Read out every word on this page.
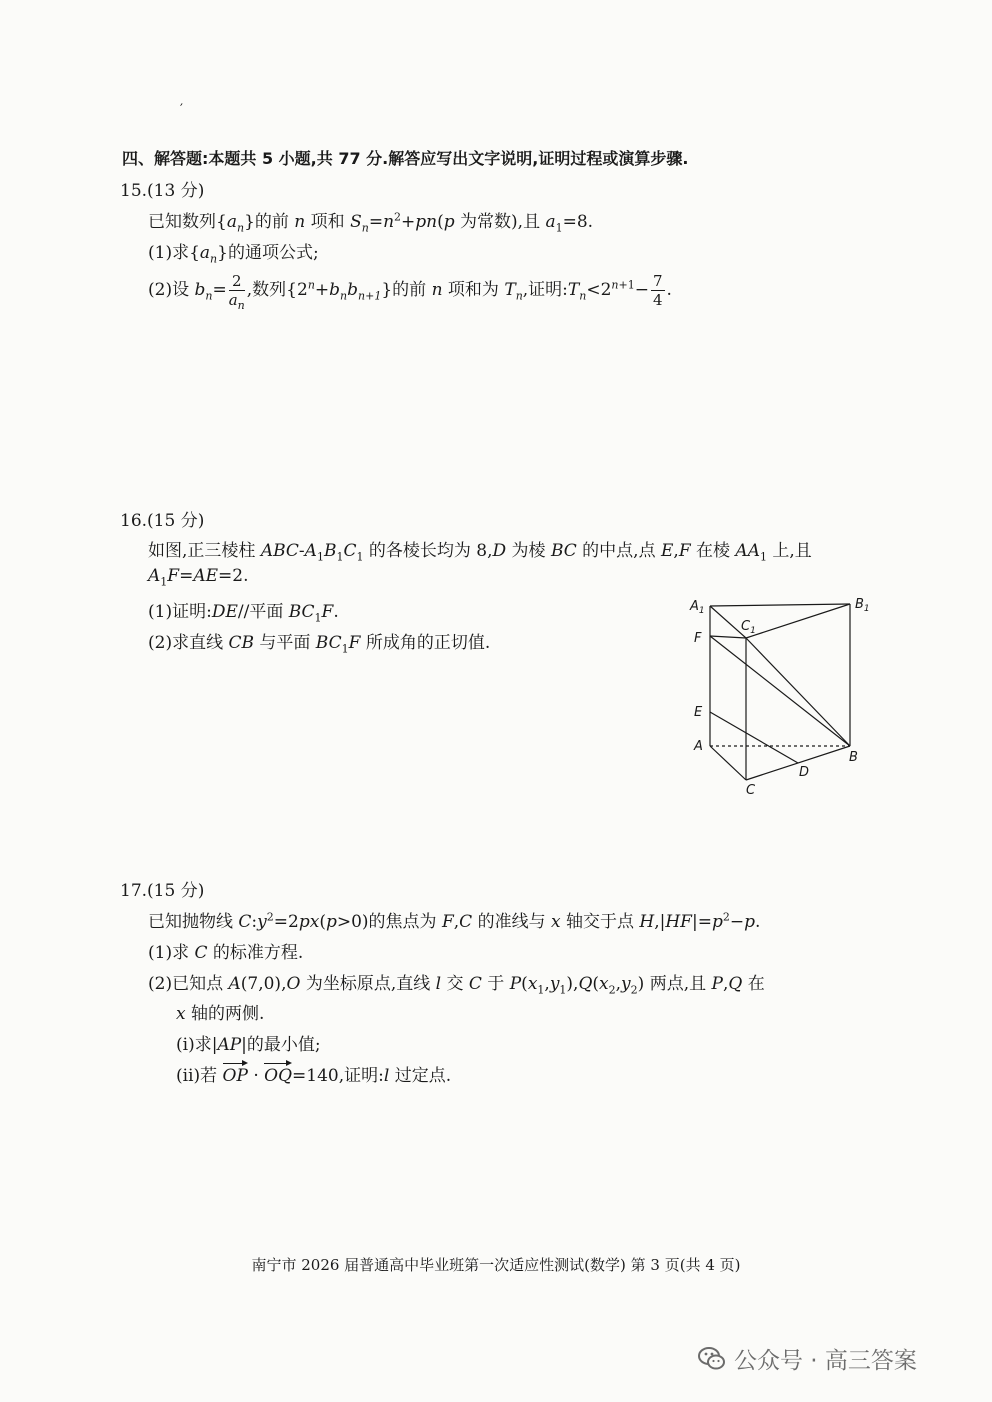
′
四、解答题:本题共 5 小题,共 77 分.解答应写出文字说明,证明过程或演算步骤.
15.(13 分)
已知数列$\{a_n\}$的前 n 项和 $S_n=n^2+pn(p$ 为常数),且 $a_1=8$.
(1)求$\{a_n\}$的通项公式;
(2)设 $b_n= \frac{2}{a_n}$ ,数列$\{2^n+b_nb_{n+1}\}$的前 n 项和为 $T_n$,证明$:T_n<2^{n+1}- \frac{7}{4}$ .
16.(15 分)
如图,正三棱柱 ABC-$A_1B_1C_1$ 的各棱长均为 8,D 为棱 BC 的中点,点 E,F 在棱 $AA_1$ 上,且
$A_1F=AE=2$.
(1)证明:DE//平面 $BC_1F$.
(2)求直线 CB 与平面 $BC_1F$ 所成角的正切值.
$A_1$	$B_1$
$C_1$
F
E
A
B
D
C
17.(15 分)
已知抛物线 $C:y^2=2px(p>0)$的焦点为 F,C 的准线与 x 轴交于点 $H,|HF|=p^2-p$.
(1)求 C 的标准方程.
(2)已知点 A(7,0),O 为坐标原点,直线 l 交 C 于 $P(x_1,y_1),Q(x_2,y_2)$ 两点,且 P,Q 在
x 轴的两侧.
(ⅰ)求|AP|的最小值;
(ⅱ)若 OP · OQ=140,证明:l 过定点.
南宁市 2026 届普通高中毕业班第一次适应性测试(数学) 第 3 页(共 4 页)
公众号 · 高三答案
